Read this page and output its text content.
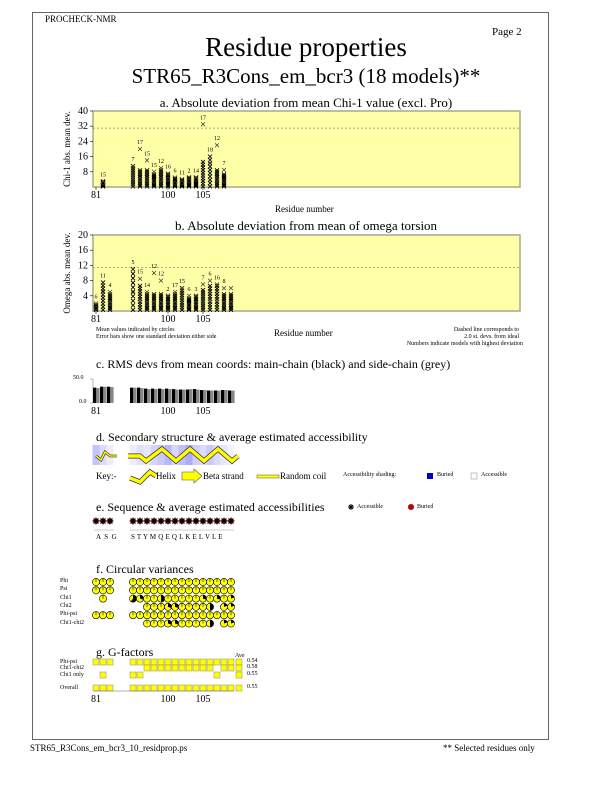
PROCHECK-NMR
Page 2
Residue properties
STR65_R3Cons_em_bcr3 (18 models)**
a. Absolute deviation from mean Chi-1 value (excl. Pro)
8
16
24
32
40
81	100 105
Chi-1 abs. mean dev.	15
7
17
15
15
12
16
6 11 2 14
17
18
12
7
4
8
12
16
20
81	100 105
Omega abs. mean dev.	6
11
4
5
15
14
12
12
2
17
15
6 3
7
6
16
8
81	100 105
81	100 105
Residue number
b. Absolute deviation from mean of omega torsion
Residue number
Mean values indicated by circles
Error bars show one standard deviation either side
Dashed line corresponds to
2.0 st. devs. from ideal
Numbers indicate models with highest deviation
c. RMS devs from mean coords: main-chain (black) and side-chain (grey)
50.0
0.0
d. Secondary structure & average estimated accessibility
Key:-	Helix	Beta strand	Random coil	Accessibility shading:	Buried	Accessible
e. Sequence & average estimated accessibilities	Accessible	Buried
A S G S T Y M Q E Q L K E L V L E
f. Circular variances
Phi
Psi
Chi1
Chi2
Phi-psi
Chi1-chi2
g. G-factors	Ave
Phi-psi	0.54
Chi1-chi2	0.58
Chi1 only	0.55
Overall	0.55
STR65_R3Cons_em_bcr3_10_residprop.ps	** Selected residues only
